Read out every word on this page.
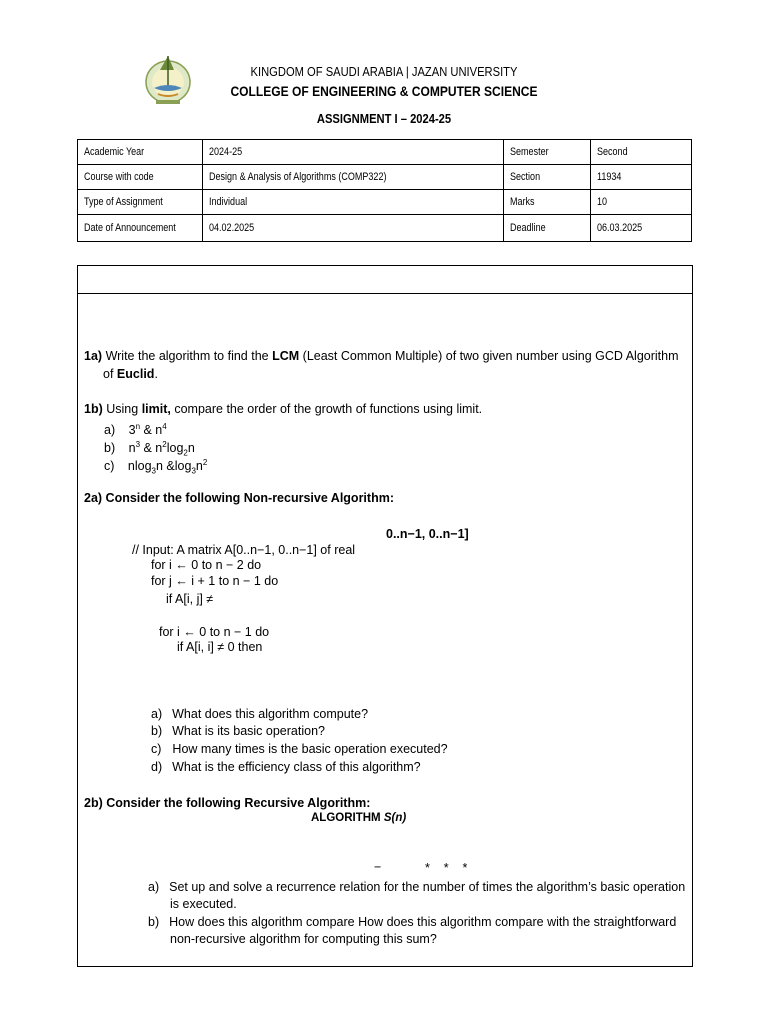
KINGDOM OF SAUDI ARABIA | JAZAN UNIVERSITY
COLLEGE OF ENGINEERING & COMPUTER SCIENCE
ASSIGNMENT I – 2024-25
Academic Year	2024-25	Semester	Second
Course with code	Design & Analysis of Algorithms (COMP322)	Section	11934
Type of Assignment	Individual	Marks	10
Date of Announcement	04.02.2025	Deadline	06.03.2025
1a) Write the algorithm to find the LCM (Least Common Multiple) of two given number using GCD Algorithm
of Euclid.
1b) Using limit, compare the order of the growth of functions using limit.
a) 3$^n$ & $n^4$
b) $n^3$ & $n^2\log_2n$
c) nlog$_3$n $\&\log_3n^2$
2a) Consider the following Non-recursive Algorithm:
0..n−1, 0..n−1]
// Input: A matrix A[0..n−1, 0..n−1] of real
for i ← 0 to n − 2 do
for j ← i + 1 to n − 1 do
if A[i, j] ≠
for i ← 0 to n − 1 do
if A[i, i] ≠ 0 then
a) What does this algorithm compute?
b) What is its basic operation?
c) How many times is the basic operation executed?
d) What is the efficiency class of this algorithm?
2b) Consider the following Recursive Algorithm:
ALGORITHM S(n)
−	*    *    *
a) Set up and solve a recurrence relation for the number of times the algorithm’s basic operation
is executed.
b) How does this algorithm compare How does this algorithm compare with the straightforward
non-recursive algorithm for computing this sum?
